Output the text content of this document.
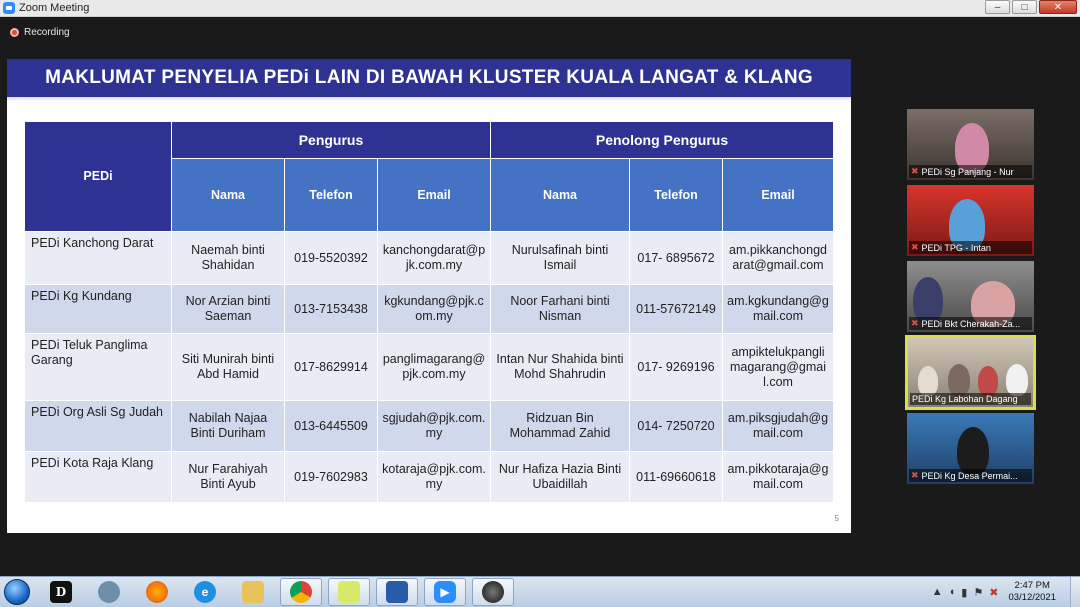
Zoom Meeting	–	□	✕
Recording
MAKLUMAT PENYELIA PEDi LAIN DI BAWAH KLUSTER KUALA LANGAT & KLANG
PEDi	Pengurus			Penolong Pengurus		
	Nama	Telefon	Email	Nama	Telefon	Email
PEDi Kanchong Darat	Naemah binti Shahidan	019-5520392	kanchongdarat@pjk.com.my	Nurulsafinah binti Ismail	017- 6895672	am.pikkanchongdarat@gmail.com
PEDi Kg Kundang	Nor Arzian binti Saeman	013-7153438	kgkundang@pjk.com.my	Noor Farhani binti Nisman	011-57672149	am.kgkundang@gmail.com
PEDi Teluk Panglima Garang	Siti Munirah binti Abd Hamid	017-8629914	panglimagarang@pjk.com.my	Intan Nur Shahida binti Mohd Shahrudin	017- 9269196	ampiktelukpanglimagarang@gmail.com
PEDi Org Asli Sg Judah	Nabilah Najaa Binti Duriham	013-6445509	sgjudah@pjk.com.my	Ridzuan Bin Mohammad Zahid	014- 7250720	am.piksgjudah@gmail.com
PEDi Kota Raja Klang	Nur Farahiyah Binti Ayub	019-7602983	kotaraja@pjk.com.my	Nur Hafiza Hazia Binti Ubaidillah	011-69660618	am.pikkotaraja@gmail.com
5
✖ PEDi Sg Panjang - Nur
✖ PEDi TPG - Intan
✖ PEDi Bkt Cherakah-Za...
PEDi Kg Labohan Dagang
✖ PEDi Kg Desa Permai...
D	e	▶	▲ ◖ ▮ ⚑ ✖
2:47 PM
03/12/2021
